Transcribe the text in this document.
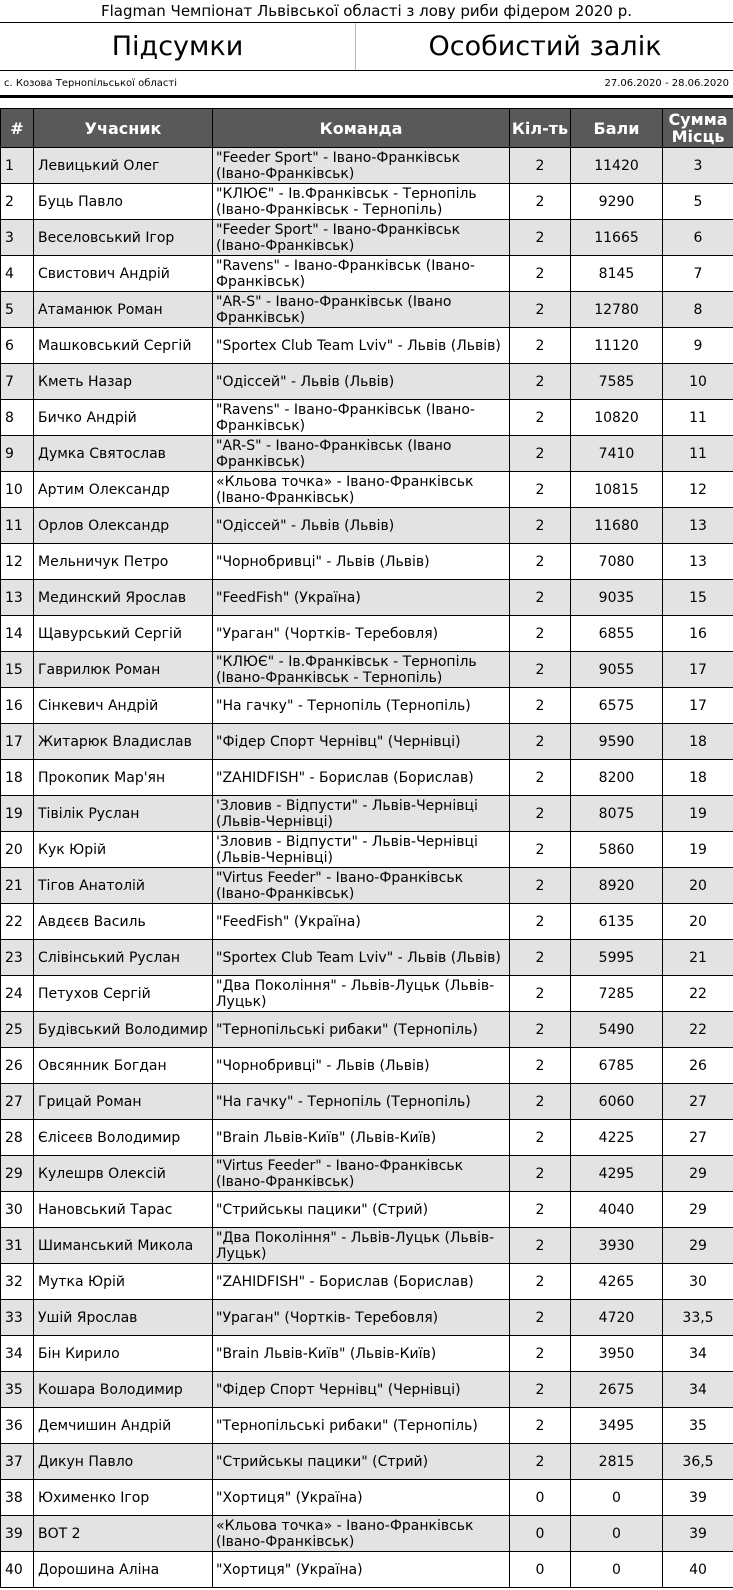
Flagman Чемпіонат Львівської області з лову риби фідером 2020 р.
Підсумки	Особистий залік
с. Козова Тернопільської області	27.06.2020 - 28.06.2020
#	Учасник	Команда	Кіл-ть	Бали	Сумма Місць
1	Левицький Олег	"Feeder Sport" - Івано-Франківськ (Івано-Франківськ)	2	11420	3
2	Буць Павло	"КЛЮЄ" - Ів.Франківськ - Тернопіль (Івано-Франківськ - Тернопіль)	2	9290	5
3	Веселовський Ігор	"Feeder Sport" - Івано-Франківськ (Івано-Франківськ)	2	11665	6
4	Свистович Андрій	"Ravens" - Івано-Франківськ (Івано-Франківськ)	2	8145	7
5	Атаманюк Роман	"AR-S" - Івано-Франківськ (Івано Франківськ)	2	12780	8
6	Машковський Сергій	"Sportex Club Team Lviv" - Львів (Львів)	2	11120	9
7	Кметь Назар	"Одіссей" - Львів (Львів)	2	7585	10
8	Бичко Андрій	"Ravens" - Івано-Франківськ (Івано-Франківськ)	2	10820	11
9	Думка Святослав	"AR-S" - Івано-Франківськ (Івано Франківськ)	2	7410	11
10	Артим Олександр	«Кльова точка» - Івано-Франківськ (Івано-Франківськ)	2	10815	12
11	Орлов Олександр	"Одіссей" - Львів (Львів)	2	11680	13
12	Мельничук Петро	"Чорнобривці" - Львів (Львів)	2	7080	13
13	Мединский Ярослав	"FeedFish" (Україна)	2	9035	15
14	Щавурський Сергій	"Ураган" (Чортків- Теребовля)	2	6855	16
15	Гаврилюк Роман	"КЛЮЄ" - Ів.Франківськ - Тернопіль (Івано-Франківськ - Тернопіль)	2	9055	17
16	Сінкевич Андрій	"На гачку" - Тернопіль (Тернопіль)	2	6575	17
17	Житарюк Владислав	"Фідер Спорт Чернівц" (Чернівці)	2	9590	18
18	Прокопик Мар'ян	"ZAHIDFISH" - Борислав (Борислав)	2	8200	18
19	Тівілік Руслан	'Зловив - Відпусти" - Львів-Чернівці (Львів-Чернівці)	2	8075	19
20	Кук Юрій	'Зловив - Відпусти" - Львів-Чернівці (Львів-Чернівці)	2	5860	19
21	Тігов Анатолій	"Virtus Feeder" - Івано-Франківськ (Івано-Франківськ)	2	8920	20
22	Авдєєв Василь	"FeedFish" (Україна)	2	6135	20
23	Слівінський Руслан	"Sportex Club Team Lviv" - Львів (Львів)	2	5995	21
24	Петухов Сергій	"Два Покоління" - Львів-Луцьк (Львів-Луцьк)	2	7285	22
25	Будівський Володимир	"Тернопільські рибаки" (Тернопіль)	2	5490	22
26	Овсянник Богдан	"Чорнобривці" - Львів (Львів)	2	6785	26
27	Грицай Роман	"На гачку" - Тернопіль (Тернопіль)	2	6060	27
28	Єлісеєв Володимир	"Brain Львів-Київ" (Львів-Київ)	2	4225	27
29	Кулешрв Олексій	"Virtus Feeder" - Івано-Франківськ (Івано-Франківськ)	2	4295	29
30	Нановський Тарас	"Стрийськы пацики" (Стрий)	2	4040	29
31	Шиманський Микола	"Два Покоління" - Львів-Луцьк (Львів-Луцьк)	2	3930	29
32	Мутка Юрій	"ZAHIDFISH" - Борислав (Борислав)	2	4265	30
33	Ушій Ярослав	"Ураган" (Чортків- Теребовля)	2	4720	33,5
34	Бін Кирило	"Brain Львів-Київ" (Львів-Київ)	2	3950	34
35	Кошара Володимир	"Фідер Спорт Чернівц" (Чернівці)	2	2675	34
36	Демчишин Андрій	"Тернопільські рибаки" (Тернопіль)	2	3495	35
37	Дикун Павло	"Стрийськы пацики" (Стрий)	2	2815	36,5
38	Юхименко Ігор	"Хортиця" (Україна)	0	0	39
39	ВОТ 2	«Кльова точка» - Івано-Франківськ (Івано-Франківськ)	0	0	39
40	Дорошина Аліна	"Хортиця" (Україна)	0	0	40
